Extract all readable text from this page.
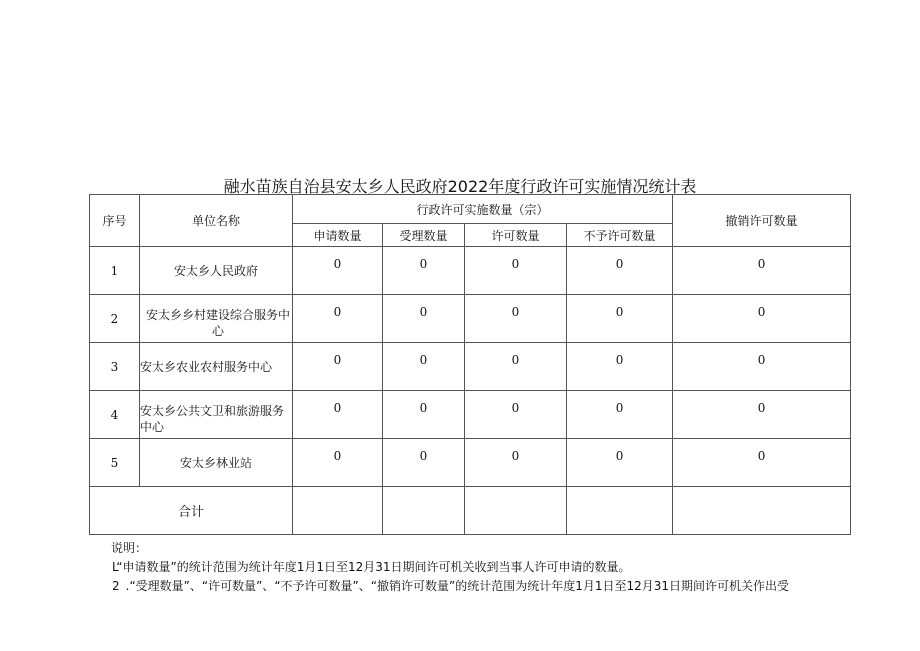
融水苗族自治县安太乡人民政府2022年度行政许可实施情况统计表
序号	单位名称	行政许可实施数量（宗）				撤销许可数量
		申请数量	受理数量	许可数量	不予许可数量	
1	安太乡人民政府	0	0	0	0	0
2	安太乡乡村建设综合服务中心	0	0	0	0	0
3	安太乡农业农村服务中心	0	0	0	0	0
4	安太乡公共文卫和旅游服务中心	0	0	0	0	0
5	安太乡林业站	0	0	0	0	0
合计						
说明：
L“申请数量”的统计范围为统计年度1月1日至12月31日期间许可机关收到当事人许可申请的数量。
2 .“受理数量”、“许可数量”、“不予许可数量”、“撤销许可数量”的统计范围为统计年度1月1日至12月31日期间许可机关作出受
